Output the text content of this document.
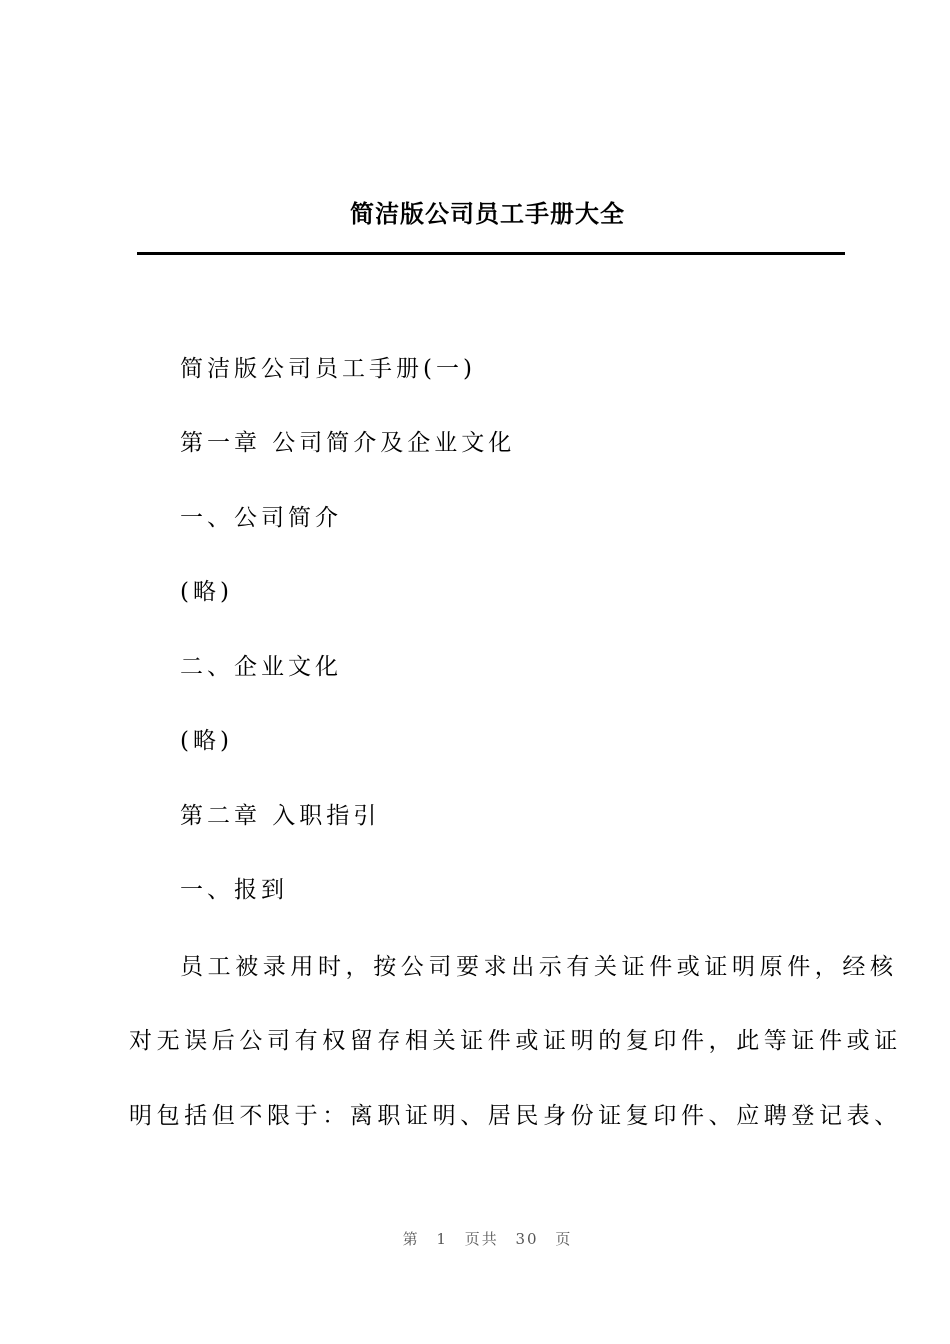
简洁版公司员工手册大全
简洁版公司员工手册(一)
第一章 公司简介及企业文化
一、公司简介
(略)
二、企业文化
(略)
第二章 入职指引
一、报到
员工被录用时，按公司要求出示有关证件或证明原件，经核
对无误后公司有权留存相关证件或证明的复印件，此等证件或证
明包括但不限于：离职证明、居民身份证复印件、应聘登记表、
第 1 页共 30 页
